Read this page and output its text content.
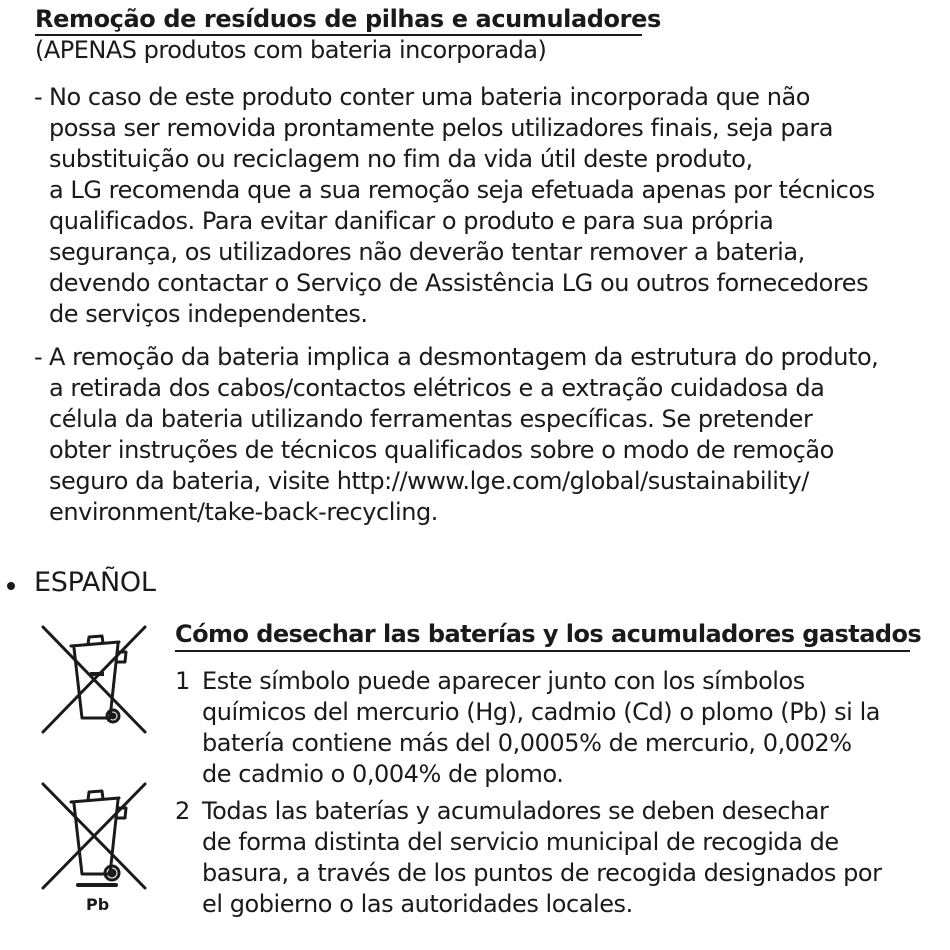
Remoção de resíduos de pilhas e acumuladores
(APENAS produtos com bateria incorporada)
- No caso de este produto conter uma bateria incorporada que não
possa ser removida prontamente pelos utilizadores finais, seja para
substituição ou reciclagem no fim da vida útil deste produto,
a LG recomenda que a sua remoção seja efetuada apenas por técnicos
qualificados. Para evitar danificar o produto e para sua própria
segurança, os utilizadores não deverão tentar remover a bateria,
devendo contactar o Serviço de Assistência LG ou outros fornecedores
de serviços independentes.
- A remoção da bateria implica a desmontagem da estrutura do produto,
a retirada dos cabos/contactos elétricos e a extração cuidadosa da
célula da bateria utilizando ferramentas específicas. Se pretender
obter instruções de técnicos qualificados sobre o modo de remoção
seguro da bateria, visite http://www.lge.com/global/sustainability/
environment/take-back-recycling.
ESPAÑOL
Pb
Cómo desechar las baterías y los acumuladores gastados
1 Este símbolo puede aparecer junto con los símbolos
químicos del mercurio (Hg), cadmio (Cd) o plomo (Pb) si la
batería contiene más del 0,0005% de mercurio, 0,002%
de cadmio o 0,004% de plomo.
2 Todas las baterías y acumuladores se deben desechar
de forma distinta del servicio municipal de recogida de
basura, a través de los puntos de recogida designados por
el gobierno o las autoridades locales.
